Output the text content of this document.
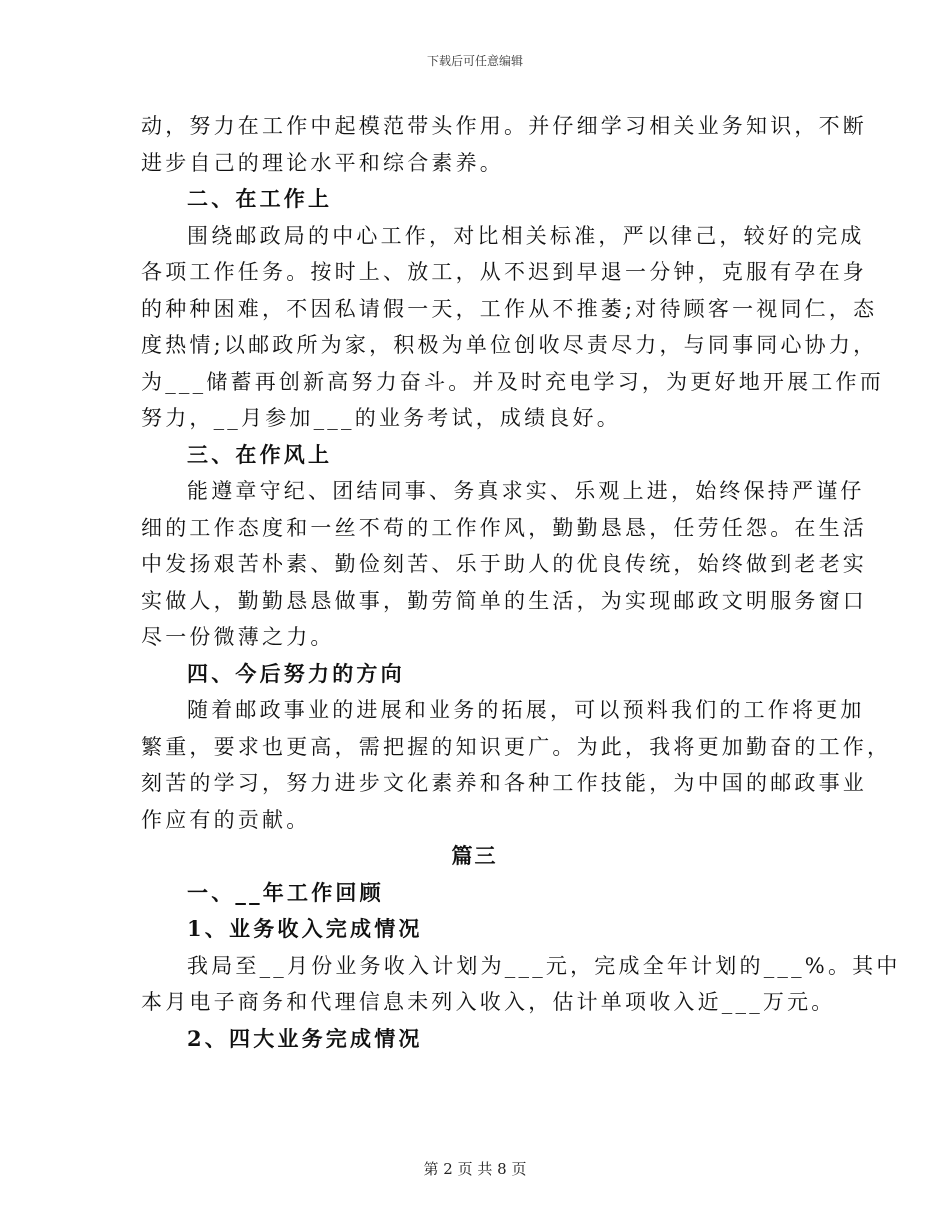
下载后可任意编辑
动，努力在工作中起模范带头作用。并仔细学习相关业务知识，不断
进步自己的理论水平和综合素养。
二、在工作上
围绕邮政局的中心工作，对比相关标准，严以律己，较好的完成
各项工作任务。按时上、放工，从不迟到早退一分钟，克服有孕在身
的种种困难，不因私请假一天，工作从不推萎;对待顾客一视同仁，态
度热情;以邮政所为家，积极为单位创收尽责尽力，与同事同心协力，
为___储蓄再创新高努力奋斗。并及时充电学习，为更好地开展工作而
努力，__月参加___的业务考试，成绩良好。
三、在作风上
能遵章守纪、团结同事、务真求实、乐观上进，始终保持严谨仔
细的工作态度和一丝不苟的工作作风，勤勤恳恳，任劳任怨。在生活
中发扬艰苦朴素、勤俭刻苦、乐于助人的优良传统，始终做到老老实
实做人，勤勤恳恳做事，勤劳简单的生活，为实现邮政文明服务窗口
尽一份微薄之力。
四、今后努力的方向
随着邮政事业的进展和业务的拓展，可以预料我们的工作将更加
繁重，要求也更高，需把握的知识更广。为此，我将更加勤奋的工作，
刻苦的学习，努力进步文化素养和各种工作技能，为中国的邮政事业
作应有的贡献。
篇三
一、__年工作回顾
1、业务收入完成情况
我局至__月份业务收入计划为___元，完成全年计划的___%。其中
本月电子商务和代理信息未列入收入，估计单项收入近___万元。
2、四大业务完成情况
第 2 页 共 8 页
